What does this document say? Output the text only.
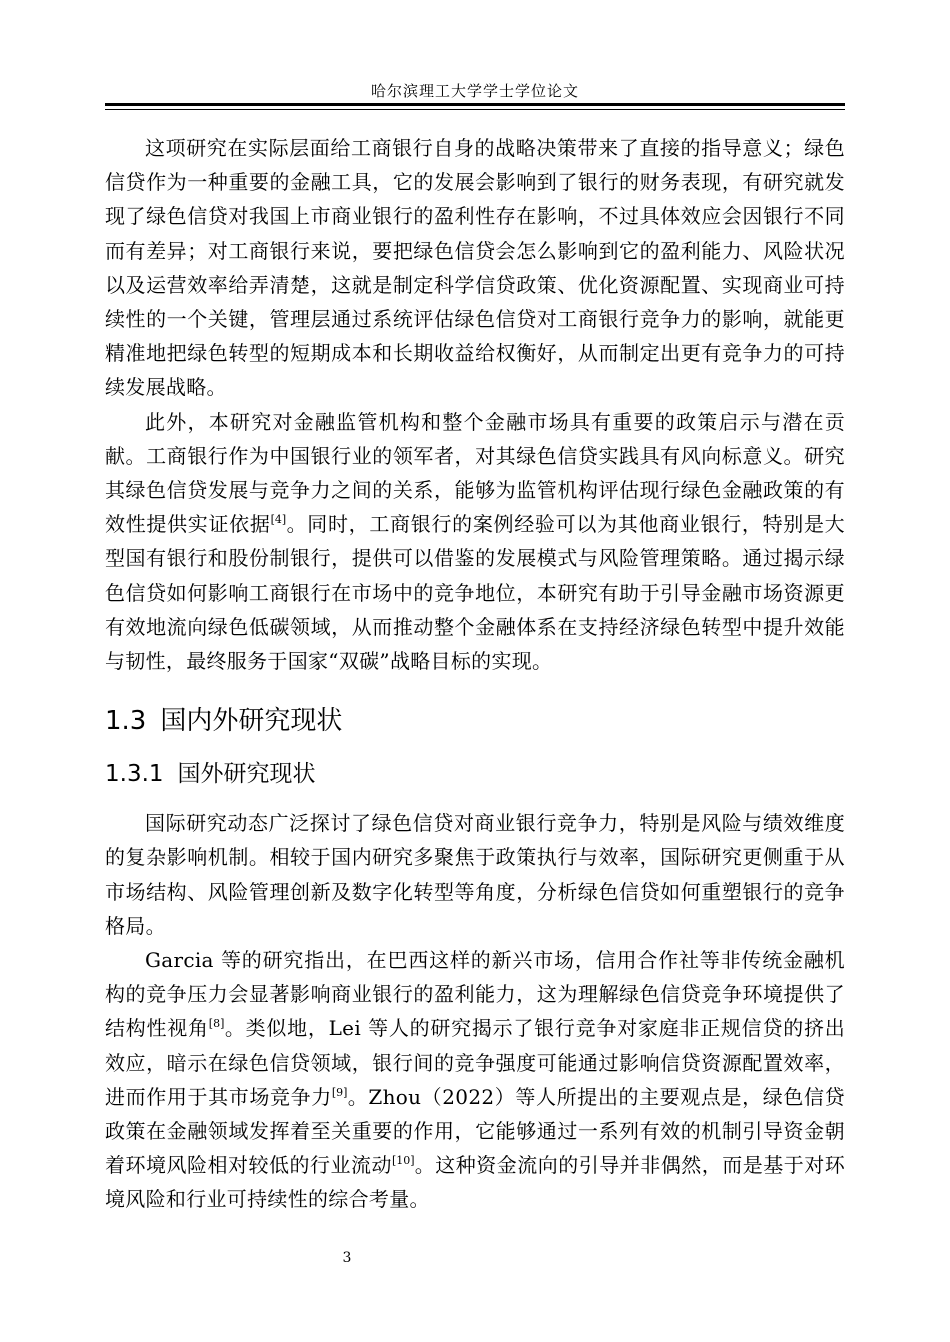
哈尔滨理工大学学士学位论文

这项研究在实际层面给工商银行自身的战略决策带来了直接的指导意义；绿色信贷作为一种重要的金融工具，它的发展会影响到了银行的财务表现，有研究就发现了绿色信贷对我国上市商业银行的盈利性存在影响，不过具体效应会因银行不同而有差异；对工商银行来说，要把绿色信贷会怎么影响到它的盈利能力、风险状况以及运营效率给弄清楚，这就是制定科学信贷政策、优化资源配置、实现商业可持续性的一个关键，管理层通过系统评估绿色信贷对工商银行竞争力的影响，就能更精准地把绿色转型的短期成本和长期收益给权衡好，从而制定出更有竞争力的可持续发展战略。

此外，本研究对金融监管机构和整个金融市场具有重要的政策启示与潜在贡献。工商银行作为中国银行业的领军者，对其绿色信贷实践具有风向标意义。研究其绿色信贷发展与竞争力之间的关系，能够为监管机构评估现行绿色金融政策的有效性提供实证依据[4]。同时，工商银行的案例经验可以为其他商业银行，特别是大型国有银行和股份制银行，提供可以借鉴的发展模式与风险管理策略。通过揭示绿色信贷如何影响工商银行在市场中的竞争地位，本研究有助于引导金融市场资源更有效地流向绿色低碳领域，从而推动整个金融体系在支持经济绿色转型中提升效能与韧性，最终服务于国家“双碳”战略目标的实现。

1.3 国内外研究现状
1.3.1 国外研究现状

国际研究动态广泛探讨了绿色信贷对商业银行竞争力，特别是风险与绩效维度的复杂影响机制。相较于国内研究多聚焦于政策执行与效率，国际研究更侧重于从市场结构、风险管理创新及数字化转型等角度，分析绿色信贷如何重塑银行的竞争格局。

Garcia 等的研究指出，在巴西这样的新兴市场，信用合作社等非传统金融机构的竞争压力会显著影响商业银行的盈利能力，这为理解绿色信贷竞争环境提供了结构性视角[8]。类似地，Lei 等人的研究揭示了银行竞争对家庭非正规信贷的挤出效应，暗示在绿色信贷领域，银行间的竞争强度可能通过影响信贷资源配置效率，进而作用于其市场竞争力[9]。Zhou（2022）等人所提出的主要观点是，绿色信贷政策在金融领域发挥着至关重要的作用，它能够通过一系列有效的机制引导资金朝着环境风险相对较低的行业流动[10]。这种资金流向的引导并非偶然，而是基于对环境风险和行业可持续性的综合考量。

3
